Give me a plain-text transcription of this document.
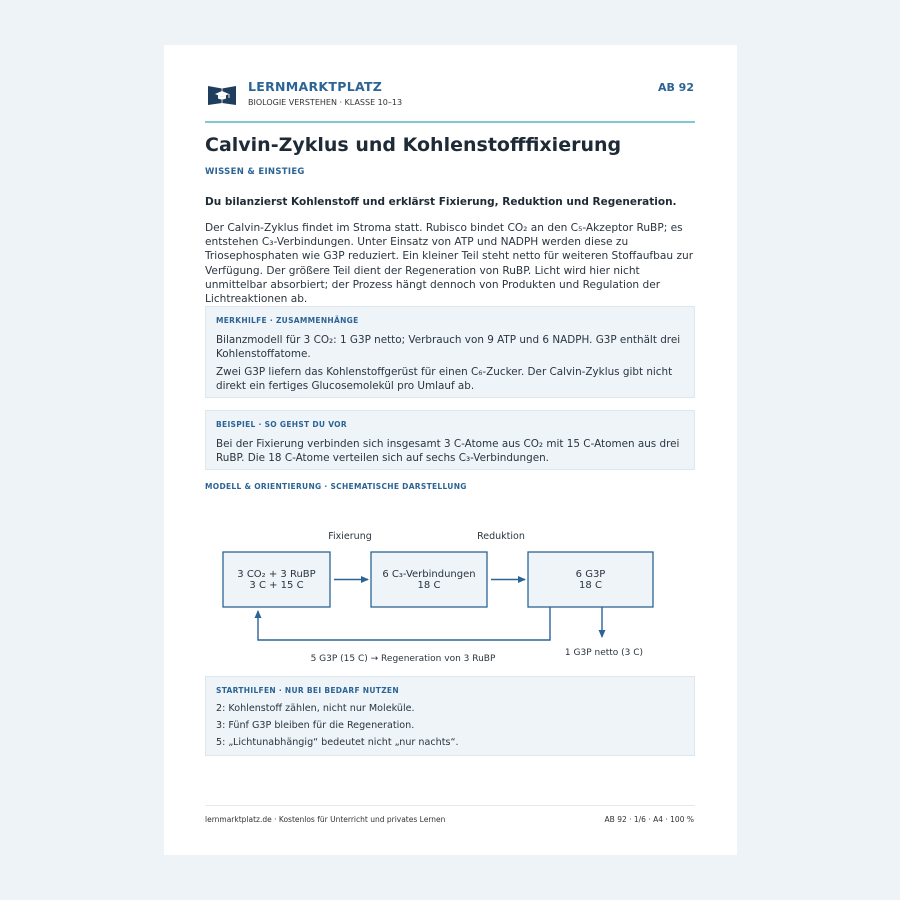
LERNMARKTPLATZ
BIOLOGIE VERSTEHEN · KLASSE 10–13
AB 92
Calvin-Zyklus und Kohlenstofffixierung
WISSEN & EINSTIEG
Du bilanzierst Kohlenstoff und erklärst Fixierung, Reduktion und Regeneration.
Der Calvin-Zyklus findet im Stroma statt. Rubisco bindet CO₂ an den C₅-Akzeptor RuBP; es entstehen C₃-Verbindungen. Unter Einsatz von ATP und NADPH werden diese zu Triosephosphaten wie G3P reduziert. Ein kleiner Teil steht netto für weiteren Stoffaufbau zur Verfügung. Der größere Teil dient der Regeneration von RuBP. Licht wird hier nicht unmittelbar absorbiert; der Prozess hängt dennoch von Produkten und Regulation der Lichtreaktionen ab.
MERKHILFE · ZUSAMMENHÄNGE
Bilanzmodell für 3 CO₂: 1 G3P netto; Verbrauch von 9 ATP und 6 NADPH. G3P enthält drei Kohlenstoffatome.
Zwei G3P liefern das Kohlenstoffgerüst für einen C₆-Zucker. Der Calvin-Zyklus gibt nicht direkt ein fertiges Glucosemolekül pro Umlauf ab.
BEISPIEL · SO GEHST DU VOR
Bei der Fixierung verbinden sich insgesamt 3 C-Atome aus CO₂ mit 15 C-Atomen aus drei RuBP. Die 18 C-Atome verteilen sich auf sechs C₃-Verbindungen.
MODELL & ORIENTIERUNG · SCHEMATISCHE DARSTELLUNG
Fixierung	Reduktion
3 CO₂ + 3 RuBP
3 C + 15 C
6 C₃-Verbindungen
18 C
6 G3P
18 C
5 G3P (15 C) → Regeneration von 3 RuBP
1 G3P netto (3 C)
STARTHILFEN · NUR BEI BEDARF NUTZEN
2: Kohlenstoff zählen, nicht nur Moleküle.
3: Fünf G3P bleiben für die Regeneration.
5: „Lichtunabhängig“ bedeutet nicht „nur nachts“.
lernmarktplatz.de · Kostenlos für Unterricht und privates Lernen	AB 92 · 1/6 · A4 · 100 %
